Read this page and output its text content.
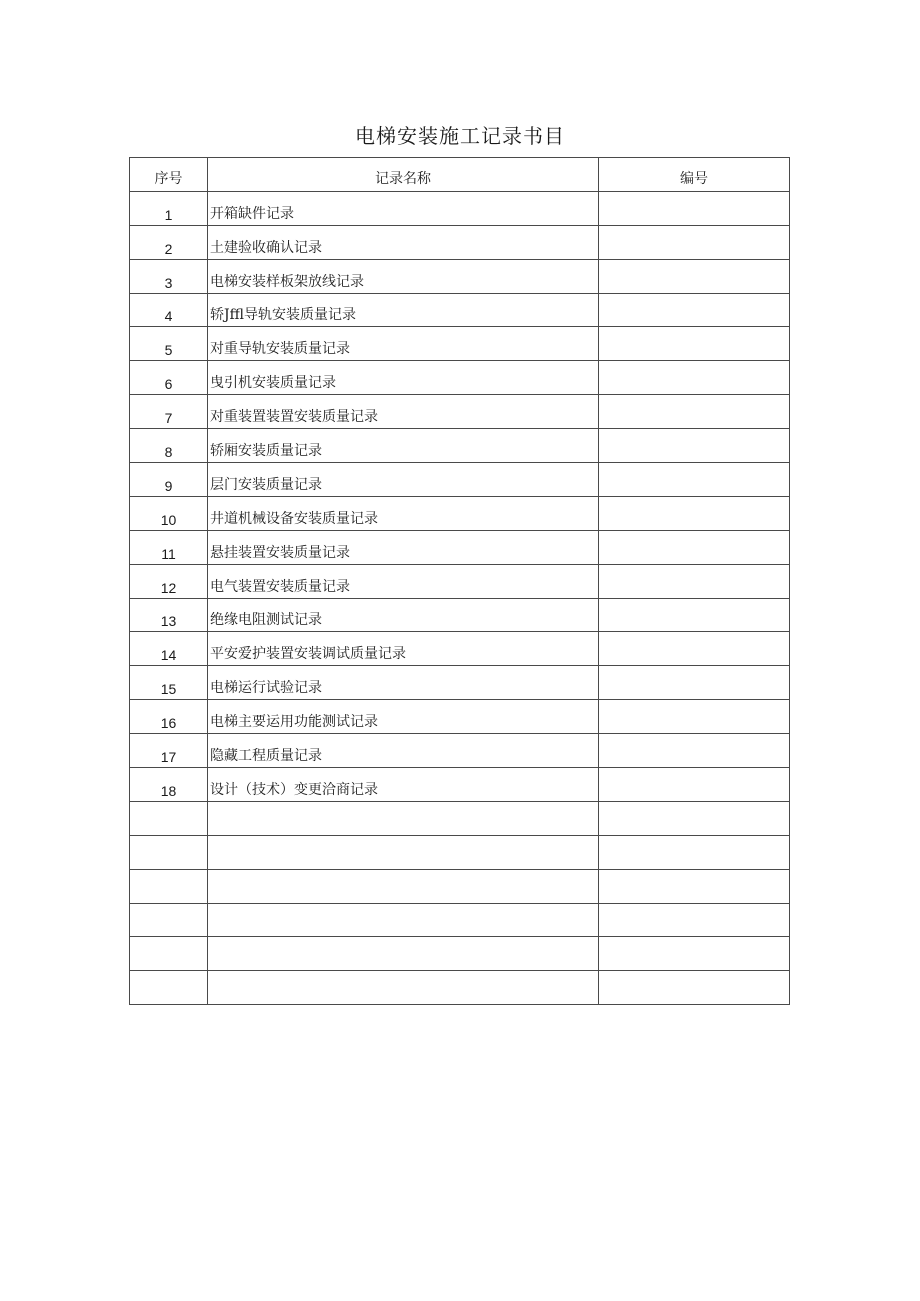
电梯安装施工记录书目
序号	记录名称	编号
1	开箱缺件记录	
2	土建验收确认记录	
3	电梯安装样板架放线记录	
4	轿Jffl导轨安装质量记录	
5	对重导轨安装质量记录	
6	曳引机安装质量记录	
7	对重装置装置安装质量记录	
8	轿厢安装质量记录	
9	层门安装质量记录	
10	井道机械设备安装质量记录	
11	悬挂装置安装质量记录	
12	电气装置安装质量记录	
13	绝缘电阻测试记录	
14	平安爱护装置安装调试质量记录	
15	电梯运行试验记录	
16	电梯主要运用功能测试记录	
17	隐藏工程质量记录	
18	设计（技术）变更洽商记录	
